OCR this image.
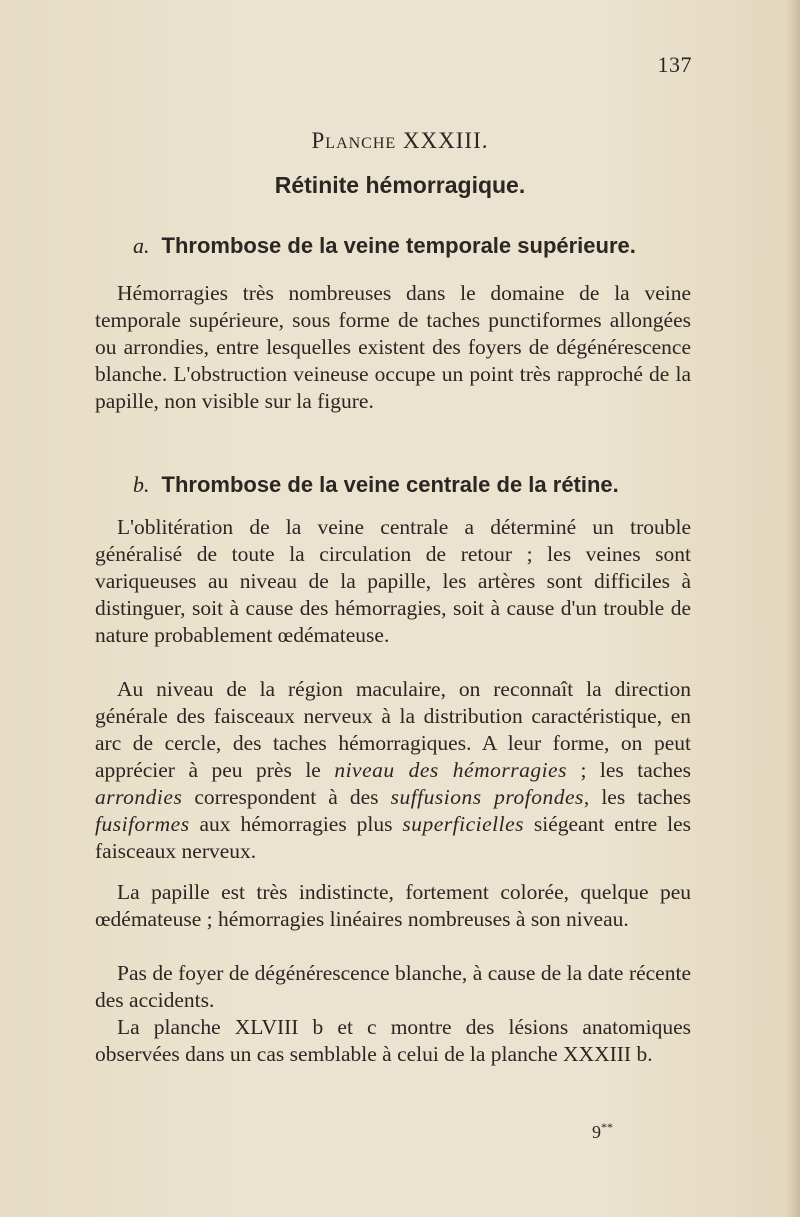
137
Planche XXXIII.
Rétinite hémorragique.
a. Thrombose de la veine temporale supérieure.

Hémorragies très nombreuses dans le domaine de la veine temporale supérieure, sous forme de taches punctiformes allongées ou arrondies, entre lesquelles existent des foyers de dégénérescence blanche. L'obstruction veineuse occupe un point très rapproché de la papille, non visible sur la figure.

b. Thrombose de la veine centrale de la rétine.

L'oblitération de la veine centrale a déterminé un trouble généralisé de toute la circulation de retour ; les veines sont variqueuses au niveau de la papille, les artères sont difficiles à distinguer, soit à cause des hémorragies, soit à cause d'un trouble de nature probablement œdémateuse.

Au niveau de la région maculaire, on reconnaît la direction générale des faisceaux nerveux à la distribution caractéristique, en arc de cercle, des taches hémorragiques. A leur forme, on peut apprécier à peu près le niveau des hémorragies ; les taches arrondies correspondent à des suffusions profondes, les taches fusiformes aux hémorragies plus superficielles siégeant entre les faisceaux nerveux.

La papille est très indistincte, fortement colorée, quelque peu œdémateuse ; hémorragies linéaires nombreuses à son niveau.

Pas de foyer de dégénérescence blanche, à cause de la date récente des accidents.

La planche XLVIII b et c montre des lésions anatomiques observées dans un cas semblable à celui de la planche XXXIII b.

9**
